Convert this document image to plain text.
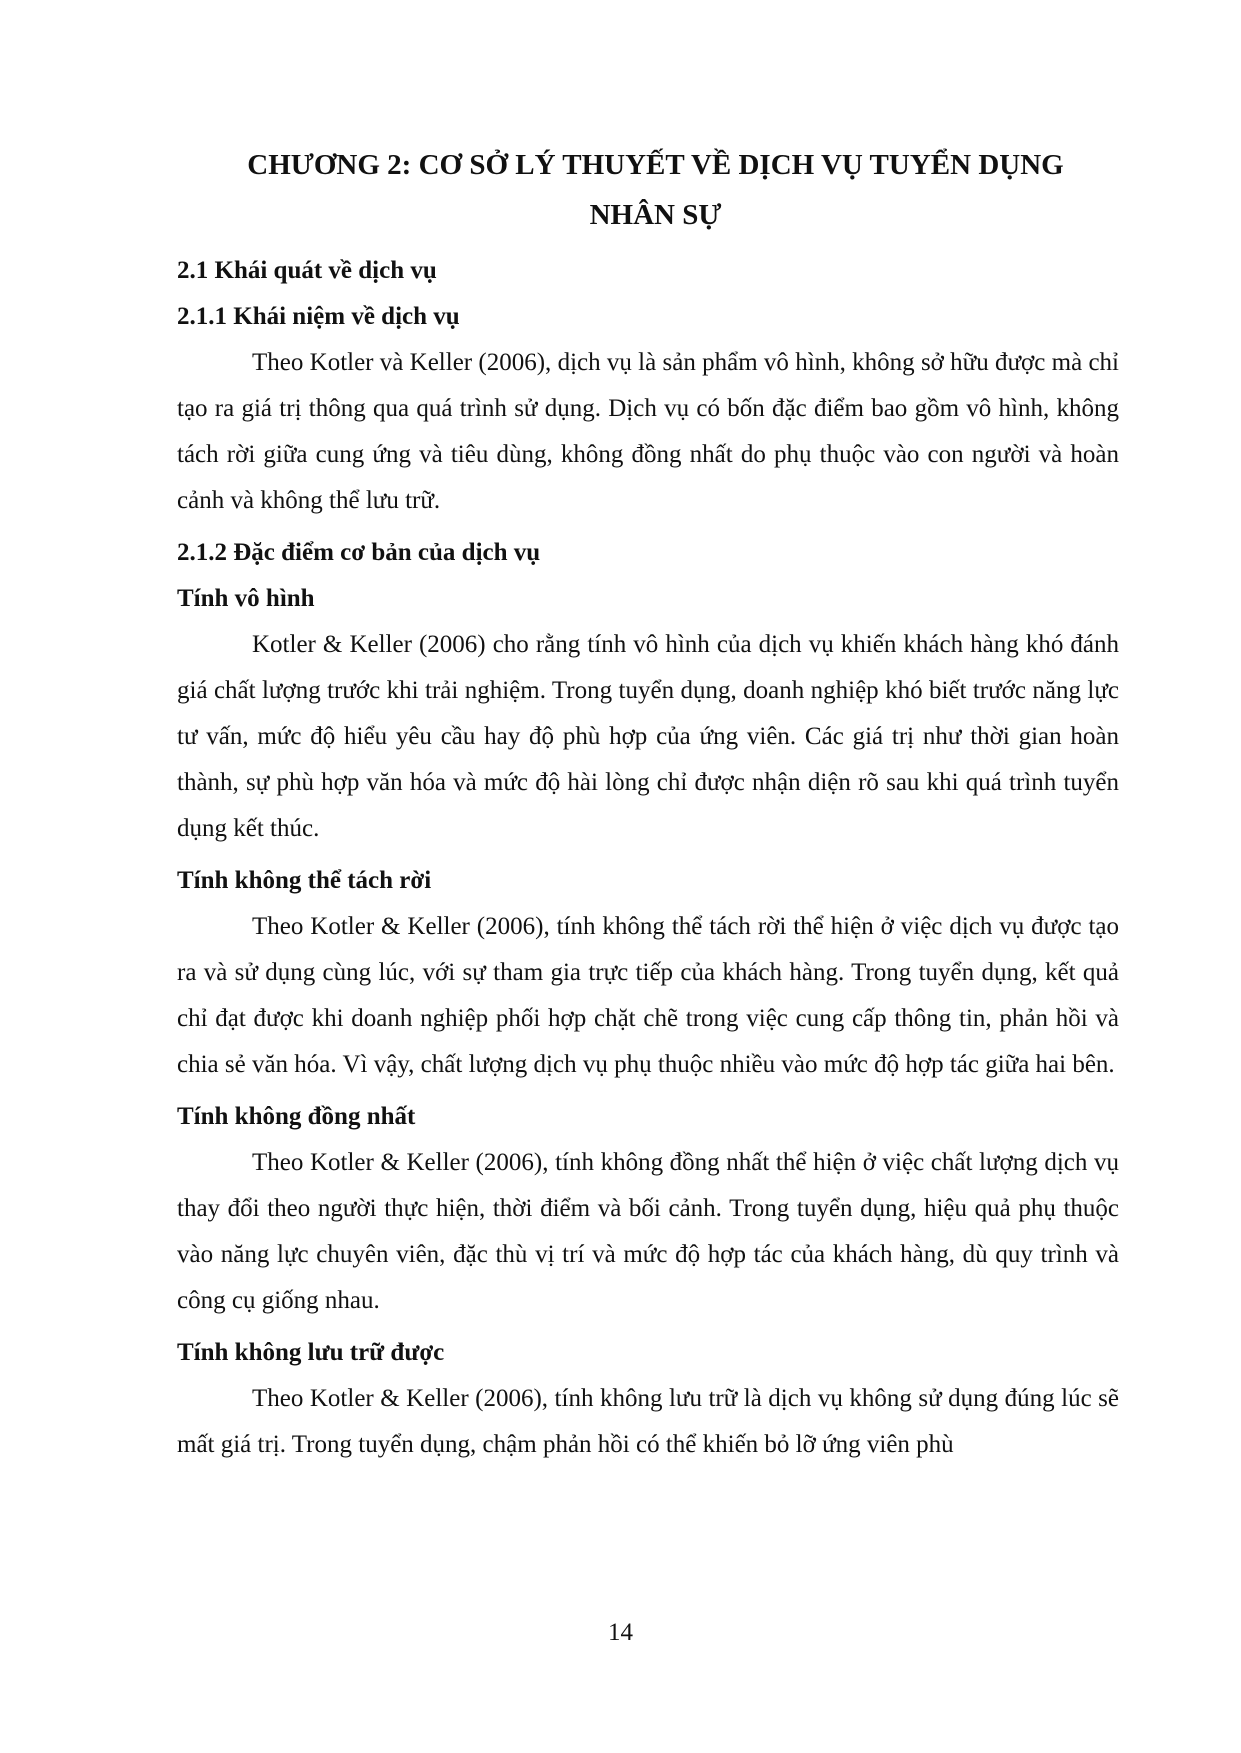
CHƯƠNG 2: CƠ SỞ LÝ THUYẾT VỀ DỊCH VỤ TUYỂN DỤNG
NHÂN SỰ
2.1 Khái quát về dịch vụ
2.1.1 Khái niệm về dịch vụ

Theo Kotler và Keller (2006), dịch vụ là sản phẩm vô hình, không sở hữu được mà chỉ tạo ra giá trị thông qua quá trình sử dụng. Dịch vụ có bốn đặc điểm bao gồm vô hình, không tách rời giữa cung ứng và tiêu dùng, không đồng nhất do phụ thuộc vào con người và hoàn cảnh và không thể lưu trữ.

2.1.2 Đặc điểm cơ bản của dịch vụ
Tính vô hình

Kotler & Keller (2006) cho rằng tính vô hình của dịch vụ khiến khách hàng khó đánh giá chất lượng trước khi trải nghiệm. Trong tuyển dụng, doanh nghiệp khó biết trước năng lực tư vấn, mức độ hiểu yêu cầu hay độ phù hợp của ứng viên. Các giá trị như thời gian hoàn thành, sự phù hợp văn hóa và mức độ hài lòng chỉ được nhận diện rõ sau khi quá trình tuyển dụng kết thúc.

Tính không thể tách rời

Theo Kotler & Keller (2006), tính không thể tách rời thể hiện ở việc dịch vụ được tạo ra và sử dụng cùng lúc, với sự tham gia trực tiếp của khách hàng. Trong tuyển dụng, kết quả chỉ đạt được khi doanh nghiệp phối hợp chặt chẽ trong việc cung cấp thông tin, phản hồi và chia sẻ văn hóa. Vì vậy, chất lượng dịch vụ phụ thuộc nhiều vào mức độ hợp tác giữa hai bên.

Tính không đồng nhất

Theo Kotler & Keller (2006), tính không đồng nhất thể hiện ở việc chất lượng dịch vụ thay đổi theo người thực hiện, thời điểm và bối cảnh. Trong tuyển dụng, hiệu quả phụ thuộc vào năng lực chuyên viên, đặc thù vị trí và mức độ hợp tác của khách hàng, dù quy trình và công cụ giống nhau.

Tính không lưu trữ được

Theo Kotler & Keller (2006), tính không lưu trữ là dịch vụ không sử dụng đúng lúc sẽ mất giá trị. Trong tuyển dụng, chậm phản hồi có thể khiến bỏ lỡ ứng viên phù

14
